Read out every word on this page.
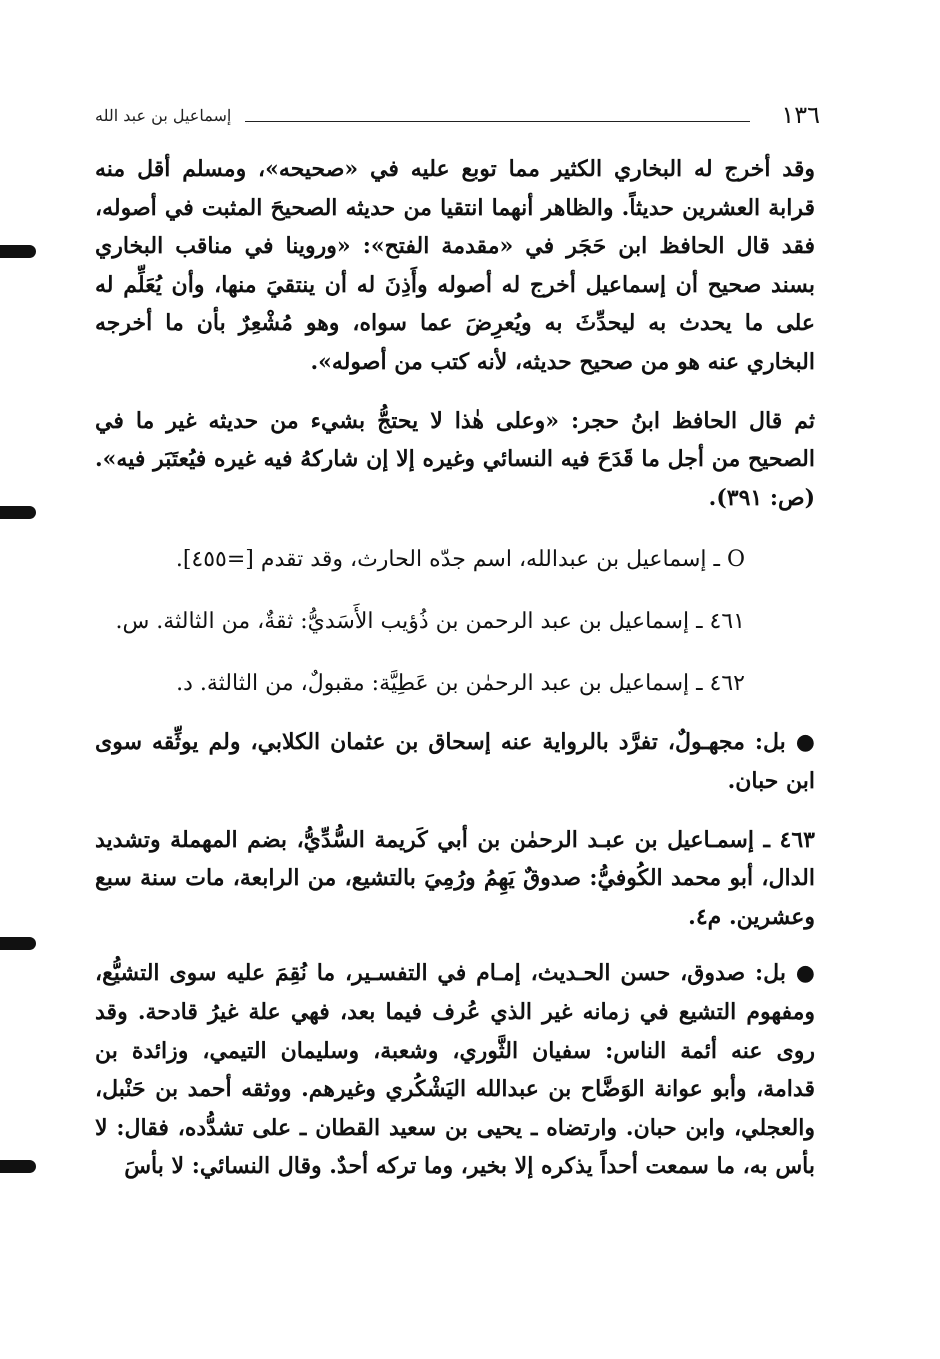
١٣٦
إسماعيل بن عبد الله

وقد أخرج له البخاري الكثير مما توبع عليه في «صحيحه»، ومسلم أقل منه قرابة العشرين حديثاً. والظاهر أنهما انتقيا من حديثه الصحيحَ المثبت في أصوله، فقد قال الحافظ ابن حَجَر في «مقدمة الفتح»: «وروينا في مناقب البخاري بسند صحيح أن إسماعيل أخرج له أصوله وأَذِنَ له أن ينتقيَ منها، وأن يُعَلِّم له على ما يحدث به ليحدِّثَ به ويُعرِضَ عما سواه، وهو مُشْعِرٌ بأن ما أخرجه البخاري عنه هو من صحيح حديثه، لأنه كتب من أصوله».

ثم قال الحافظ ابنُ حجر: «وعلى هٰذا لا يحتجُّ بشيء من حديثه غير ما في الصحيح من أجل ما قَدَحَ فيه النسائي وغيره إلا إن شاركهُ فيه غيره فيُعتَبَر فيه». (ص: ٣٩١).

O ـ إسماعيل بن عبدالله، اسم جدّه الحارث، وقد تقدم [=٤٥٥].

٤٦١ ـ إسماعيل بن عبد الرحمن بن ذُؤيب الأَسَديُّ: ثقةٌ، من الثالثة. س.

٤٦٢ ـ إسماعيل بن عبد الرحمٰن بن عَطِيَّة: مقبولٌ، من الثالثة. د.

● بل: مجهـولٌ، تفرَّد بالرواية عنه إسحاق بن عثمان الكلابي، ولم يوثِّقه سوى ابن حبان.

٤٦٣ ـ إسمـاعيل بن عبـد الرحمٰن بن أبي كَريمة السُّدِّيُّ، بضم المهملة وتشديد الدال، أبو محمد الكُوفيُّ: صدوقٌ يَهِمُ ورُمِيَ بالتشيع، من الرابعة، مات سنة سبع وعشرين. م٤.

● بل: صدوق، حسن الحـديث، إمـام في التفسـير، ما نُقِمَ عليه سوى التشيُّع، ومفهوم التشيع في زمانه غير الذي عُرف فيما بعد، فهي علة غيرُ قادحة. وقد روى عنه أئمة الناس: سفيان الثَّوري، وشعبة، وسليمان التيمي، وزائدة بن قدامة، وأبو عوانة الوَضَّاح بن عبدالله اليَشْكُري وغيرهم. ووثقه أحمد بن حَنْبل، والعجلي، وابن حبان. وارتضاه ـ يحيى بن سعيد القطان ـ على تشدُّده، فقال: لا بأس به، ما سمعت أحداً يذكره إلا بخير، وما تركه أحدٌ. وقال النسائي: لا بأسَ
